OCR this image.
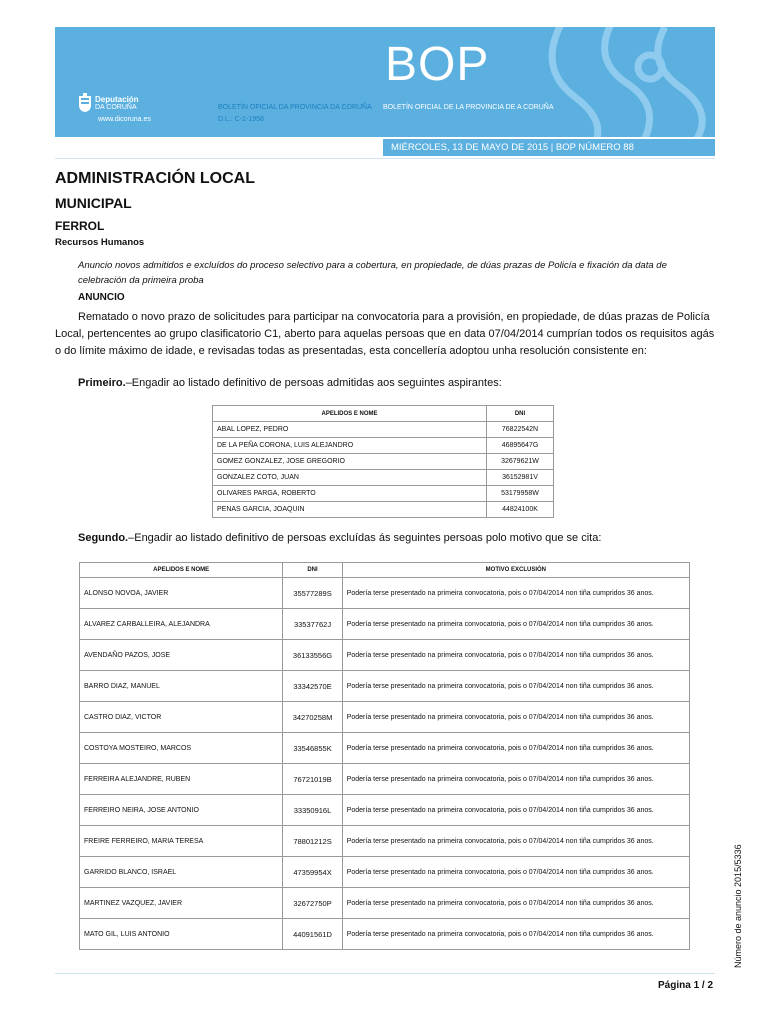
BOP
Deputación
DA CORUÑA
www.dicoruna.es
BOLETÍN OFICIAL DA PROVINCIA DA CORUÑA BOLETÍN OFICIAL DE LA PROVINCIA DE A CORUÑA
D.L.: C-1-1958
MIÉRCOLES, 13 DE MAYO DE 2015 | BOP NÚMERO 88
ADMINISTRACIÓN LOCAL
MUNICIPAL
FERROL
Recursos Humanos
Anuncio novos admitidos e excluídos do proceso selectivo para a cobertura, en propiedade, de dúas prazas de Policía e fixación da data de celebración da primeira proba
ANUNCIO
Rematado o novo prazo de solicitudes para participar na convocatoria para a provisión, en propiedade, de dúas prazas de Policía Local, pertencentes ao grupo clasificatorio C1, aberto para aquelas persoas que en data 07/04/2014 cumprían todos os requisitos agás o do límite máximo de idade, e revisadas todas as presentadas, esta concellería adoptou unha resolución consistente en:
Primeiro.–Engadir ao listado definitivo de persoas admitidas aos seguintes aspirantes:
APELIDOS E NOME	DNI
ABAL LOPEZ, PEDRO	76822542N
DE LA PEÑA CORONA, LUIS ALEJANDRO	46895647G
GOMEZ GONZALEZ, JOSE GREGORIO	32679621W
GONZALEZ COTO, JUAN	36152981V
OLIVARES PARGA, ROBERTO	53179958W
PENAS GARCIA, JOAQUIN	44824100K
Segundo.–Engadir ao listado definitivo de persoas excluídas ás seguintes persoas polo motivo que se cita:
APELIDOS E NOME	DNI	MOTIVO EXCLUSIÓN
ALONSO NOVOA, JAVIER	35577289S	Podería terse presentado na primeira convocatoria, pois o 07/04/2014 non tiña cumpridos 36 anos.
ALVAREZ CARBALLEIRA, ALEJANDRA	33537762J	Podería terse presentado na primeira convocatoria, pois o 07/04/2014 non tiña cumpridos 36 anos.
AVENDAÑO PAZOS, JOSE	36133556G	Podería terse presentado na primeira convocatoria, pois o 07/04/2014 non tiña cumpridos 36 anos.
BARRO DIAZ, MANUEL	33342570E	Podería terse presentado na primeira convocatoria, pois o 07/04/2014 non tiña cumpridos 36 anos.
CASTRO DIAZ, VICTOR	34270258M	Podería terse presentado na primeira convocatoria, pois o 07/04/2014 non tiña cumpridos 36 anos.
COSTOYA MOSTEIRO, MARCOS	33546855K	Podería terse presentado na primeira convocatoria, pois o 07/04/2014 non tiña cumpridos 36 anos.
FERREIRA ALEJANDRE, RUBEN	76721019B	Podería terse presentado na primeira convocatoria, pois o 07/04/2014 non tiña cumpridos 36 anos.
FERREIRO NEIRA, JOSE ANTONIO	33350916L	Podería terse presentado na primeira convocatoria, pois o 07/04/2014 non tiña cumpridos 36 anos.
FREIRE FERREIRO, MARIA TERESA	78801212S	Podería terse presentado na primeira convocatoria, pois o 07/04/2014 non tiña cumpridos 36 anos.
GARRIDO BLANCO, ISRAEL	47359954X	Podería terse presentado na primeira convocatoria, pois o 07/04/2014 non tiña cumpridos 36 anos.
MARTINEZ VAZQUEZ, JAVIER	32672750P	Podería terse presentado na primeira convocatoria, pois o 07/04/2014 non tiña cumpridos 36 anos.
MATO GIL, LUIS ANTONIO	44091561D	Podería terse presentado na primeira convocatoria, pois o 07/04/2014 non tiña cumpridos 36 anos.	Número de anuncio 2015/5336
Página 1 / 2
